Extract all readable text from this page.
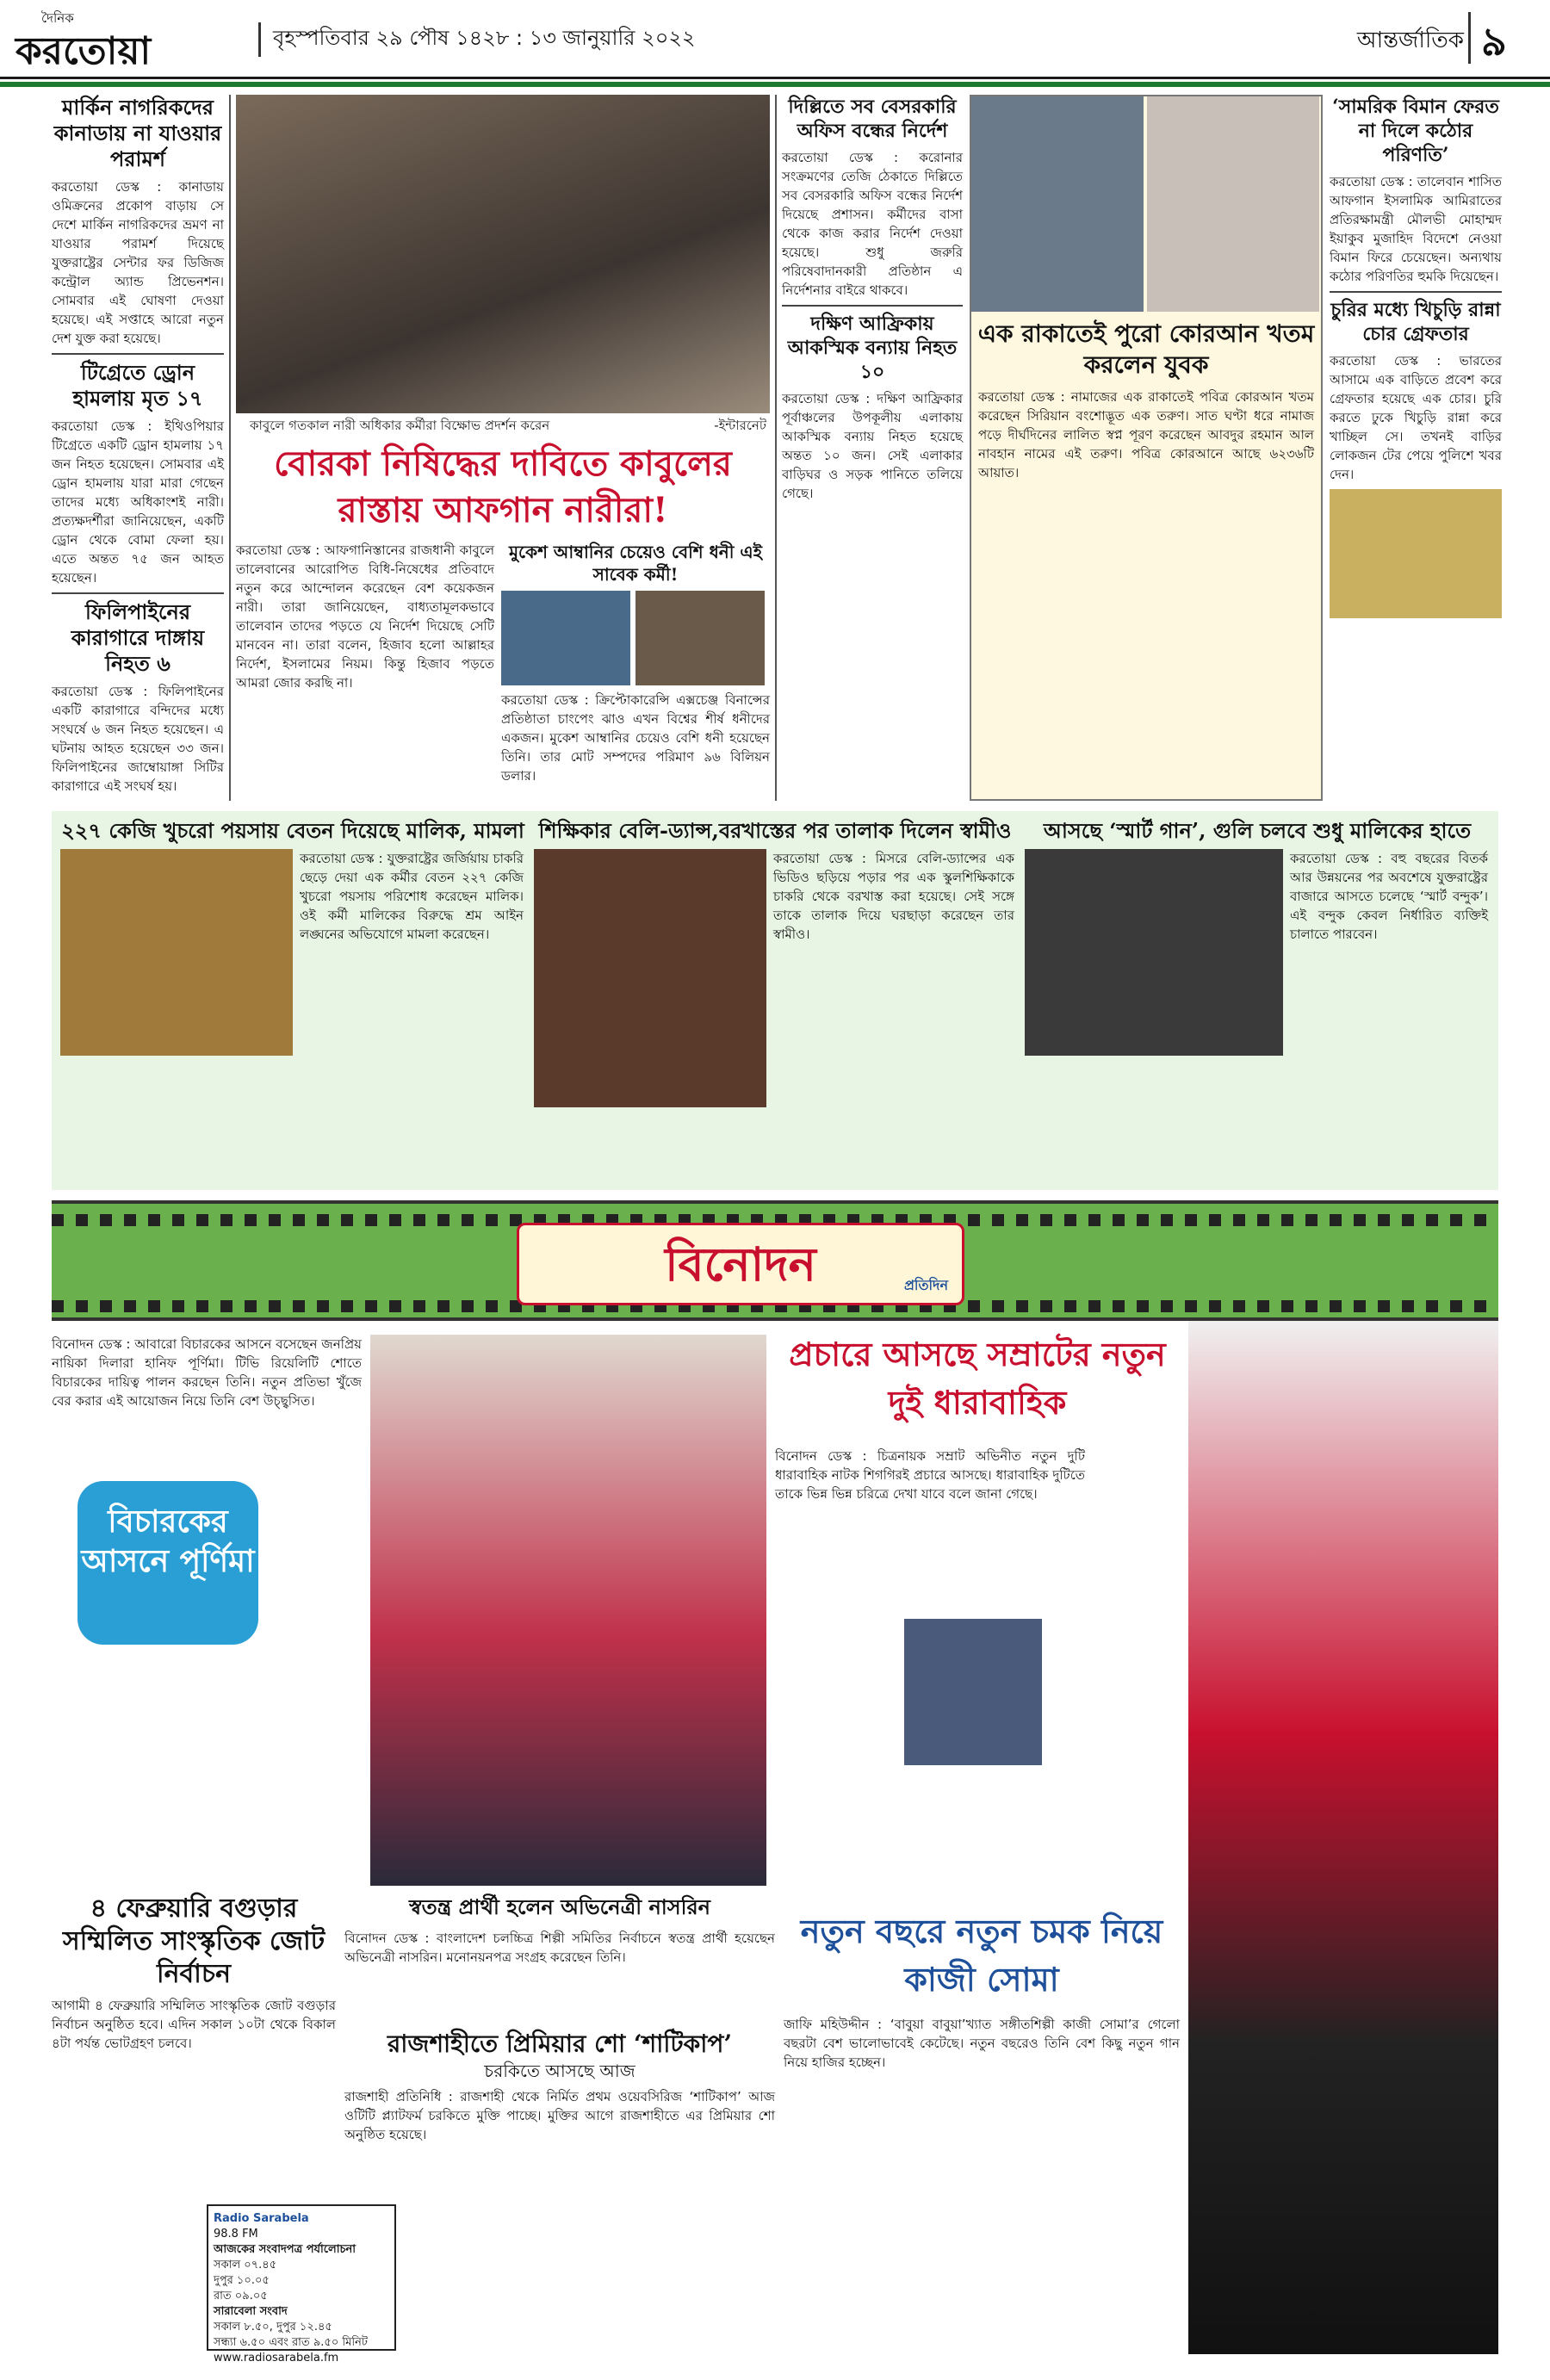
দৈনিক
করতোয়া	বৃহস্পতিবার ২৯ পৌষ ১৪২৮ : ১৩ জানুয়ারি ২০২২	আন্তর্জাতিক ৯
মার্কিন নাগরিকদের কানাডায় না যাওয়ার পরামর্শ

করতোয়া ডেস্ক : কানাডায় ওমিক্রনের প্রকোপ বাড়ায় সে দেশে মার্কিন নাগরিকদের ভ্রমণ না যাওয়ার পরামর্শ দিয়েছে যুক্তরাষ্ট্রের সেন্টার ফর ডিজিজ কন্ট্রোল অ্যান্ড প্রিভেনশন। সোমবার এই ঘোষণা দেওয়া হয়েছে। এই সপ্তাহে আরো নতুন দেশ যুক্ত করা হয়েছে।

টিগ্রেতে ড্রোন হামলায় মৃত ১৭

করতোয়া ডেস্ক : ইথিওপিয়ার টিগ্রেতে একটি ড্রোন হামলায় ১৭ জন নিহত হয়েছেন। সোমবার এই ড্রোন হামলায় যারা মারা গেছেন তাদের মধ্যে অধিকাংশই নারী। প্রত্যক্ষদর্শীরা জানিয়েছেন, একটি ড্রোন থেকে বোমা ফেলা হয়। এতে অন্তত ৭৫ জন আহত হয়েছেন।

ফিলিপাইনের কারাগারে দাঙ্গায় নিহত ৬

করতোয়া ডেস্ক : ফিলিপাইনের একটি কারাগারে বন্দিদের মধ্যে সংঘর্ষে ৬ জন নিহত হয়েছেন। এ ঘটনায় আহত হয়েছেন ৩৩ জন। ফিলিপাইনের জাম্বোয়াঙ্গা সিটির কারাগারে এই সংঘর্ষ হয়।

কাবুলে গতকাল নারী অধিকার কর্মীরা বিক্ষোভ প্রদর্শন করেন	-ইন্টারনেট
বোরকা নিষিদ্ধের দাবিতে কাবুলের রাস্তায় আফগান নারীরা!
করতোয়া ডেস্ক : আফগানিস্তানের রাজধানী কাবুলে তালেবানের আরোপিত বিধি-নিষেধের প্রতিবাদে নতুন করে আন্দোলন করেছেন বেশ কয়েকজন নারী। তারা জানিয়েছেন, বাধ্যতামূলকভাবে তালেবান তাদের পড়তে যে নির্দেশ দিয়েছে সেটি মানবেন না। তারা বলেন, হিজাব হলো আল্লাহর নির্দেশ, ইসলামের নিয়ম। কিন্তু হিজাব পড়তে আমরা জোর করছি না।
মুকেশ আম্বানির চেয়েও বেশি ধনী এই সাবেক কর্মী!

করতোয়া ডেস্ক : ক্রিপ্টোকারেন্সি এক্সচেঞ্জ বিনান্সের প্রতিষ্ঠাতা চাংপেং ঝাও এখন বিশ্বের শীর্ষ ধনীদের একজন। মুকেশ আম্বানির চেয়েও বেশি ধনী হয়েছেন তিনি। তার মোট সম্পদের পরিমাণ ৯৬ বিলিয়ন ডলার।

দিল্লিতে সব বেসরকারি অফিস বন্ধের নির্দেশ

করতোয়া ডেস্ক : করোনার সংক্রমণের তেজি ঠেকাতে দিল্লিতে সব বেসরকারি অফিস বন্ধের নির্দেশ দিয়েছে প্রশাসন। কর্মীদের বাসা থেকে কাজ করার নির্দেশ দেওয়া হয়েছে। শুধু জরুরি পরিষেবাদানকারী প্রতিষ্ঠান এ নির্দেশনার বাইরে থাকবে।

দক্ষিণ আফ্রিকায় আকস্মিক বন্যায় নিহত ১০

করতোয়া ডেস্ক : দক্ষিণ আফ্রিকার পূর্বাঞ্চলের উপকূলীয় এলাকায় আকস্মিক বন্যায় নিহত হয়েছে অন্তত ১০ জন। সেই এলাকার বাড়িঘর ও সড়ক পানিতে তলিয়ে গেছে।

এক রাকাতেই পুরো কোরআন খতম করলেন যুবক

করতোয়া ডেস্ক : নামাজের এক রাকাতেই পবিত্র কোরআন খতম করেছেন সিরিয়ান বংশোদ্ভূত এক তরুণ। সাত ঘণ্টা ধরে নামাজ পড়ে দীর্ঘদিনের লালিত স্বপ্ন পূরণ করেছেন আবদুর রহমান আল নাবহান নামের এই তরুণ। পবিত্র কোরআনে আছে ৬২৩৬টি আয়াত।

‘সামরিক বিমান ফেরত না দিলে কঠোর পরিণতি’

করতোয়া ডেস্ক : তালেবান শাসিত আফগান ইসলামিক আমিরাতের প্রতিরক্ষামন্ত্রী মৌলভী মোহাম্মদ ইয়াকুব মুজাহিদ বিদেশে নেওয়া বিমান ফিরে চেয়েছেন। অন্যথায় কঠোর পরিণতির হুমকি দিয়েছেন।

চুরির মধ্যে খিচুড়ি রান্না চোর গ্রেফতার

করতোয়া ডেস্ক : ভারতের আসামে এক বাড়িতে প্রবেশ করে গ্রেফতার হয়েছে এক চোর। চুরি করতে ঢুকে খিচুড়ি রান্না করে খাচ্ছিল সে। তখনই বাড়ির লোকজন টের পেয়ে পুলিশে খবর দেন।

২২৭ কেজি খুচরো পয়সায় বেতন দিয়েছে মালিক, মামলা

করতোয়া ডেস্ক : যুক্তরাষ্ট্রের জর্জিয়ায় চাকরি ছেড়ে দেয়া এক কর্মীর বেতন ২২৭ কেজি খুচরো পয়সায় পরিশোধ করেছেন মালিক। ওই কর্মী মালিকের বিরুদ্ধে শ্রম আইন লঙ্ঘনের অভিযোগে মামলা করেছেন।

শিক্ষিকার বেলি-ড্যান্স,বরখাস্তের পর তালাক দিলেন স্বামীও

করতোয়া ডেস্ক : মিসরে বেলি-ড্যান্সের এক ভিডিও ছড়িয়ে পড়ার পর এক স্কুলশিক্ষিকাকে চাকরি থেকে বরখাস্ত করা হয়েছে। সেই সঙ্গে তাকে তালাক দিয়ে ঘরছাড়া করেছেন তার স্বামীও।

আসছে ‘স্মার্ট গান’, গুলি চলবে শুধু মালিকের হাতে

করতোয়া ডেস্ক : বহু বছরের বিতর্ক আর উন্নয়নের পর অবশেষে যুক্তরাষ্ট্রের বাজারে আসতে চলেছে ‘স্মার্ট বন্দুক’। এই বন্দুক কেবল নির্ধারিত ব্যক্তিই চালাতে পারবেন।

বিনোদন	প্রতিদিন
বিনোদন ডেস্ক : আবারো বিচারকের আসনে বসেছেন জনপ্রিয় নায়িকা দিলারা হানিফ পূর্ণিমা। টিভি রিয়েলিটি শোতে বিচারকের দায়িত্ব পালন করছেন তিনি। নতুন প্রতিভা খুঁজে বের করার এই আয়োজন নিয়ে তিনি বেশ উচ্ছ্বসিত।
বিচারকের আসনে পূর্ণিমা
প্রচারে আসছে সম্রাটের নতুন দুই ধারাবাহিক
বিনোদন ডেস্ক : চিত্রনায়ক সম্রাট অভিনীত নতুন দুটি ধারাবাহিক নাটক শিগগিরই প্রচারে আসছে। ধারাবাহিক দুটিতে তাকে ভিন্ন ভিন্ন চরিত্রে দেখা যাবে বলে জানা গেছে।
স্বতন্ত্র প্রার্থী হলেন অভিনেত্রী নাসরিন
বিনোদন ডেস্ক : বাংলাদেশ চলচ্চিত্র শিল্পী সমিতির নির্বাচনে স্বতন্ত্র প্রার্থী হয়েছেন অভিনেত্রী নাসরিন। মনোনয়নপত্র সংগ্রহ করেছেন তিনি।
৪ ফেব্রুয়ারি বগুড়ার সম্মিলিত সাংস্কৃতিক জোট নির্বাচন

আগামী ৪ ফেব্রুয়ারি সম্মিলিত সাংস্কৃতিক জোট বগুড়ার নির্বাচন অনুষ্ঠিত হবে। এদিন সকাল ১০টা থেকে বিকাল ৪টা পর্যন্ত ভোটগ্রহণ চলবে।	রাজশাহীতে প্রিমিয়ার শো ‘শাটিকাপ’
চরকিতে আসছে আজ

রাজশাহী প্রতিনিধি : রাজশাহী থেকে নির্মিত প্রথম ওয়েবসিরিজ ‘শাটিকাপ’ আজ ওটিটি প্ল্যাটফর্ম চরকিতে মুক্তি পাচ্ছে। মুক্তির আগে রাজশাহীতে এর প্রিমিয়ার শো অনুষ্ঠিত হয়েছে।

Radio Sarabela
98.8 FM
আজকের সংবাদপত্র পর্যালোচনা
সকাল ০৭.৪৫
দুপুর ১০.০৫
রাত ০৯.০৫
সারাবেলা সংবাদ
সকাল ৮.৫০, দুপুর ১২.৪৫
সন্ধ্যা ৬.৫০ এবং রাত ৯.৫০ মিনিট
www.radiosarabela.fm
নতুন বছরে নতুন চমক নিয়ে কাজী সোমা
জাফি মহিউদ্দীন : ‘বাবুয়া বাবুয়া’খ্যাত সঙ্গীতশিল্পী কাজী সোমা’র গেলো বছরটা বেশ ভালোভাবেই কেটেছে। নতুন বছরেও তিনি বেশ কিছু নতুন গান নিয়ে হাজির হচ্ছেন।
